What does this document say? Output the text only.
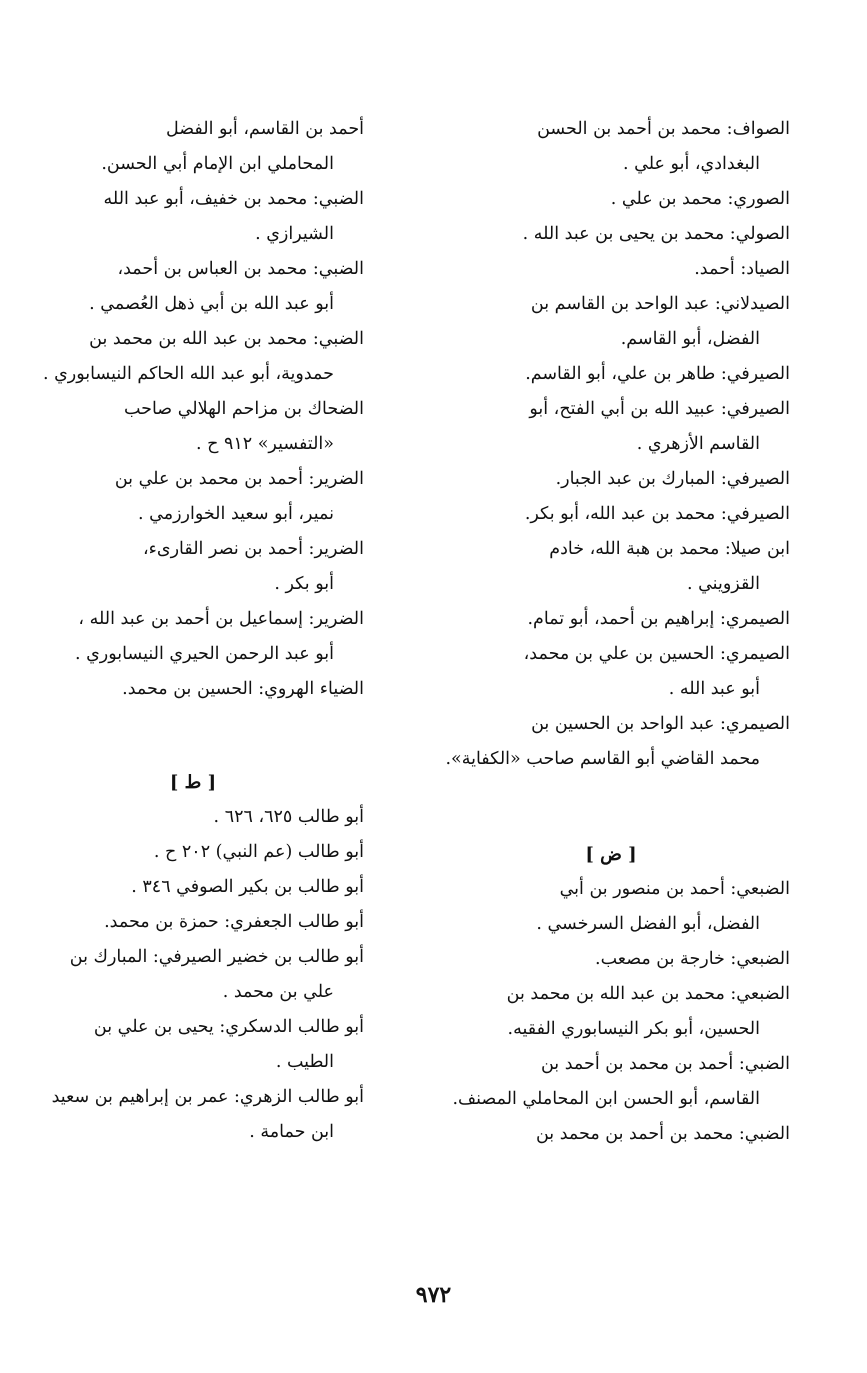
الصواف: محمد بن أحمد بن الحسن
البغدادي، أبو علي .

الصوري: محمد بن علي .

الصولي: محمد بن يحيى بن عبد الله .

الصياد: أحمد.

الصيدلاني: عبد الواحد بن القاسم بن
الفضل، أبو القاسم.

الصيرفي: طاهر بن علي، أبو القاسم.

الصيرفي: عبيد الله بن أبي الفتح، أبو
القاسم الأزهري .

الصيرفي: المبارك بن عبد الجبار.

الصيرفي: محمد بن عبد الله، أبو بكر.

ابن صيلا: محمد بن هبة الله، خادم
القزويني .

الصيمري: إبراهيم بن أحمد، أبو تمام.

الصيمري: الحسين بن علي بن محمد،
أبو عبد الله .

الصيمري: عبد الواحد بن الحسين بن
محمد القاضي أبو القاسم صاحب «الكفاية».

[ ض ]

الضبعي: أحمد بن منصور بن أبي
الفضل، أبو الفضل السرخسي .

الضبعي: خارجة بن مصعب.

الضبعي: محمد بن عبد الله بن محمد بن
الحسين، أبو بكر النيسابوري الفقيه.

الضبي: أحمد بن محمد بن أحمد بن
القاسم، أبو الحسن ابن المحاملي المصنف.

الضبي: محمد بن أحمد بن محمد بن

أحمد بن القاسم، أبو الفضل
المحاملي ابن الإمام أبي الحسن.

الضبي: محمد بن خفيف، أبو عبد الله
الشيرازي .

الضبي: محمد بن العباس بن أحمد،
أبو عبد الله بن أبي ذهل العُصمي .

الضبي: محمد بن عبد الله بن محمد بن
حمدوية، أبو عبد الله الحاكم النيسابوري .

الضحاك بن مزاحم الهلالي صاحب
«التفسير» ٩١٢ ح .

الضرير: أحمد بن محمد بن علي بن
نمير، أبو سعيد الخوارزمي .

الضرير: أحمد بن نصر القارىء،
أبو بكر .

الضرير: إسماعيل بن أحمد بن عبد الله ،
أبو عبد الرحمن الحيري النيسابوري .

الضياء الهروي: الحسين بن محمد.

[ ط ]

أبو طالب ٦٢٥، ٦٢٦ .

أبو طالب (عم النبي) ٢٠٢ ح .

أبو طالب بن بكير الصوفي ٣٤٦ .

أبو طالب الجعفري: حمزة بن محمد.

أبو طالب بن خضير الصيرفي: المبارك بن
علي بن محمد .

أبو طالب الدسكري: يحيى بن علي بن
الطيب .

أبو طالب الزهري: عمر بن إبراهيم بن سعيد
ابن حمامة .

٩٧٢
